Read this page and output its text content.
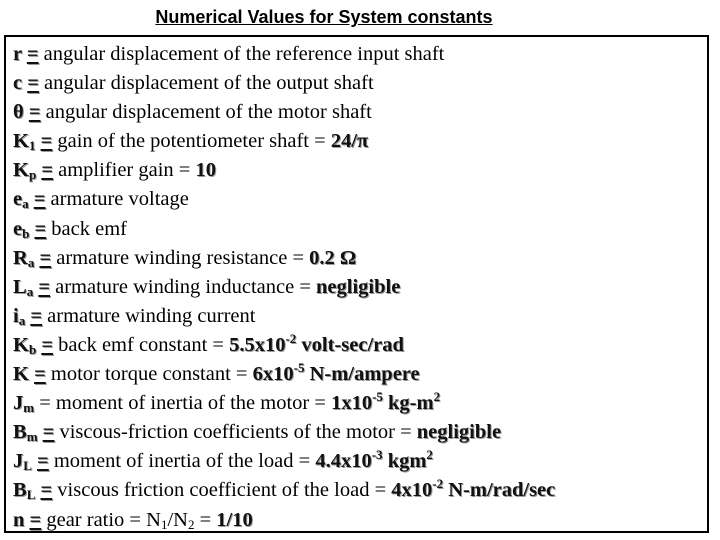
Numerical Values for System constants
r = angular displacement of the reference input shaft
c = angular displacement of the output shaft
θ = angular displacement of the motor shaft
$K_1$ = gain of the potentiometer shaft = 24/π
$K_p$ = amplifier gain = 10
$e_a$ = armature voltage
$e_b$ = back emf
$R_a$ = armature winding resistance = 0.2 Ω
$L_a$ = armature winding inductance = negligible
$i_a$ = armature winding current
$K_b$ = back emf constant = $5.5x10^{-2}$ volt-sec/rad
K = motor torque constant = $6x10^{-5}$ N-m/ampere
$J_m$ = moment of inertia of the motor = $1x10^{-5}$ $kg-m^2$
$B_m$ = viscous-friction coefficients of the motor = negligible
$J_L$ = moment of inertia of the load = $4.4x10^{-3}$ kgm$^2$
$B_L$ = viscous friction coefficient of the load = $4x10^{-2}$ N-m/rad/sec
n = gear ratio = $N_1/N_2 = 1/10$
